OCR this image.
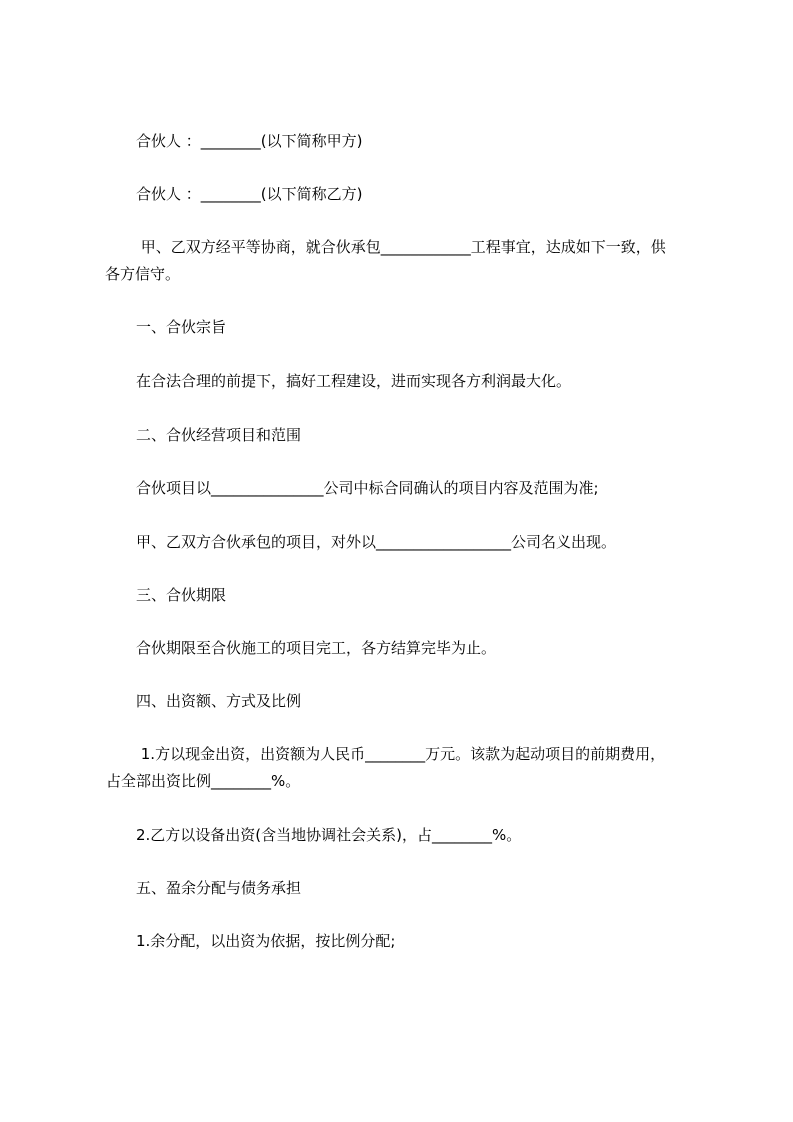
合伙人 ：________(以下简称甲方)
合伙人 ：________(以下简称乙方)
甲、乙双方经平等协商，就合伙承包____________工程事宜，达成如下一致，供
各方信守。
一、合伙宗旨
在合法合理的前提下，搞好工程建设，进而实现各方利润最大化。
二、合伙经营项目和范围
合伙项目以_______________公司中标合同确认的项目内容及范围为准;
甲、乙双方合伙承包的项目，对外以__________________公司名义出现。
三、合伙期限
合伙期限至合伙施工的项目完工，各方结算完毕为止。
四、出资额、方式及比例
1.方以现金出资，出资额为人民币________万元。该款为起动项目的前期费用，
占全部出资比例________%。
2.乙方以设备出资(含当地协调社会关系)，占________%。
五、盈余分配与债务承担
1.余分配，以出资为依据，按比例分配;
